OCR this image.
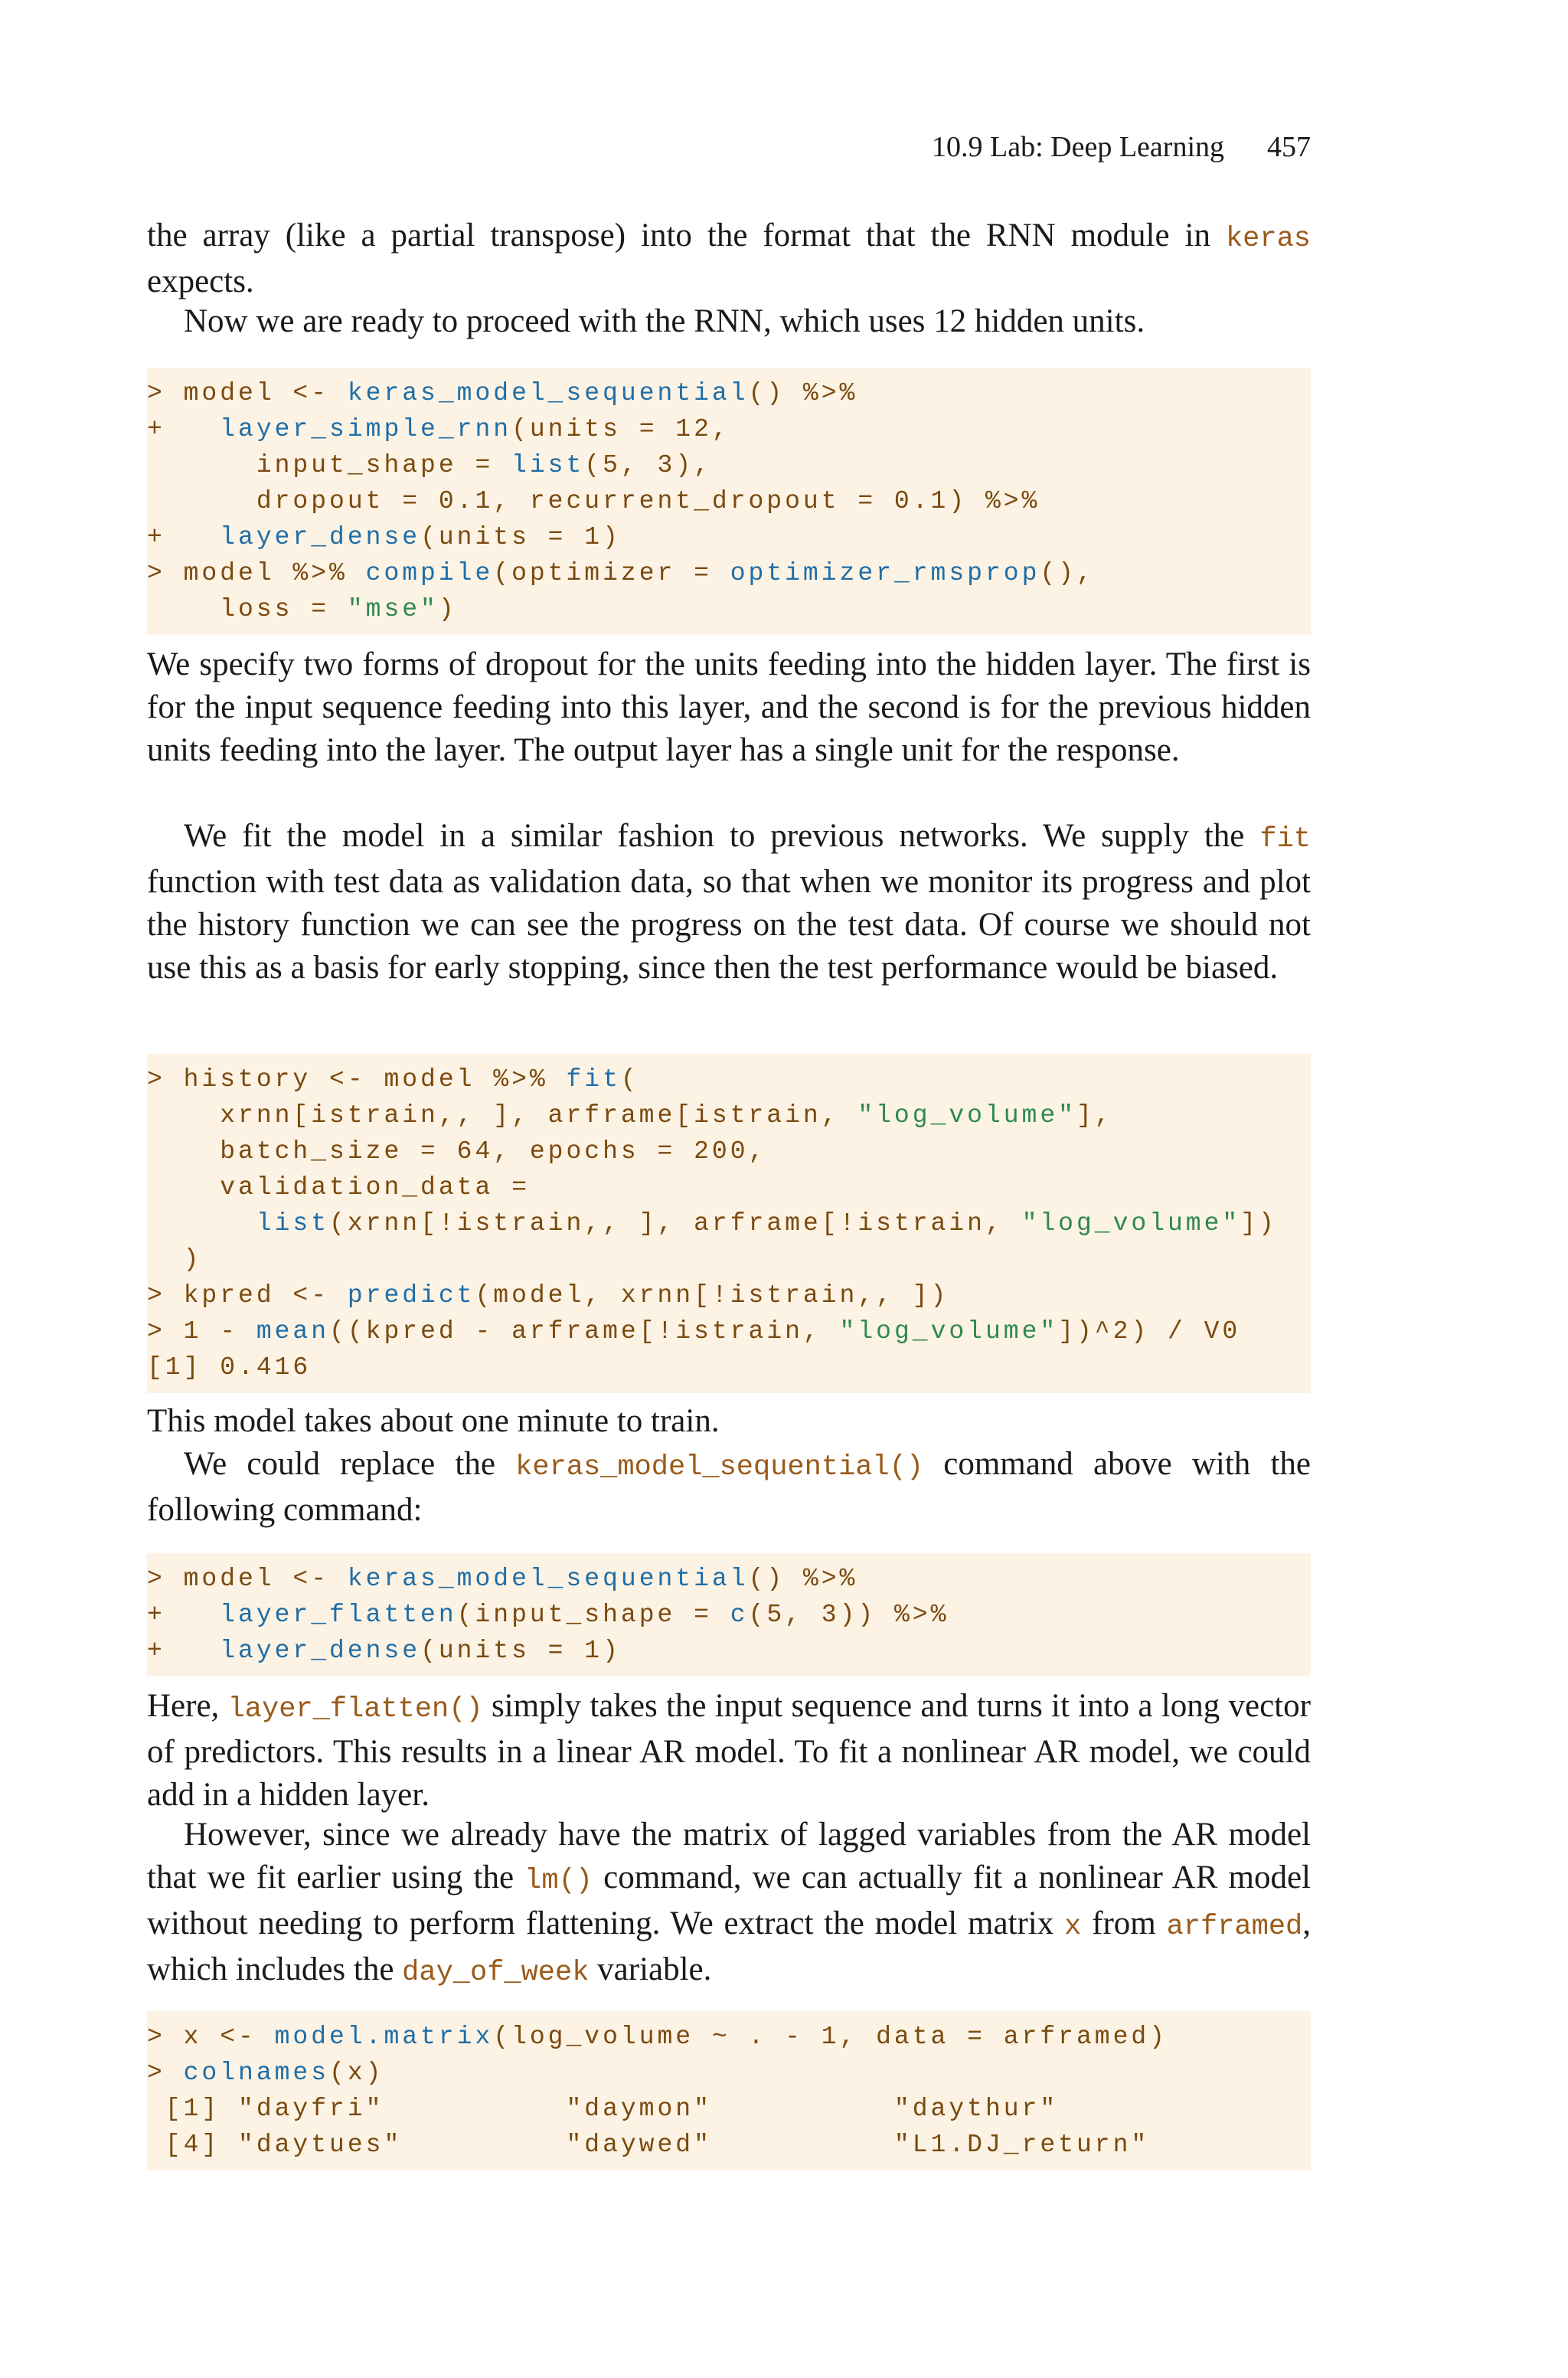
10.9 Lab: Deep Learning 457

the array (like a partial transpose) into the format that the RNN module in keras expects.

Now we are ready to proceed with the RNN, which uses 12 hidden units.

> model <- keras_model_sequential() %>%
+   layer_simple_rnn(units = 12,
input_shape = list(5, 3),
dropout = 0.1, recurrent_dropout = 0.1) %>%
+   layer_dense(units = 1)
> model %>% compile(optimizer = optimizer_rmsprop(),
loss = "mse")

We specify two forms of dropout for the units feeding into the hidden layer. The first is for the input sequence feeding into this layer, and the second is for the previous hidden units feeding into the layer. The output layer has a single unit for the response.

We fit the model in a similar fashion to previous networks. We supply the fit function with test data as validation data, so that when we monitor its progress and plot the history function we can see the progress on the test data. Of course we should not use this as a basis for early stopping, since then the test performance would be biased.

> history <- model %>% fit(
xrnn[istrain,, ], arframe[istrain, "log_volume"],
batch_size = 64, epochs = 200,
validation_data =
list(xrnn[!istrain,, ], arframe[!istrain, "log_volume"])
)
> kpred <- predict(model, xrnn[!istrain,, ])
> 1 - mean((kpred - arframe[!istrain, "log_volume"])^2) / V0
[1] 0.416

This model takes about one minute to train.

We could replace the keras_model_sequential() command above with the following command:

> model <- keras_model_sequential() %>%
+   layer_flatten(input_shape = c(5, 3)) %>%
+   layer_dense(units = 1)

Here, layer_flatten() simply takes the input sequence and turns it into a long vector of predictors. This results in a linear AR model. To fit a nonlinear AR model, we could add in a hidden layer.

However, since we already have the matrix of lagged variables from the AR model that we fit earlier using the lm() command, we can actually fit a nonlinear AR model without needing to perform flattening. We extract the model matrix x from arframed, which includes the day_of_week variable.

> x <- model.matrix(log_volume ~ . - 1, data = arframed)
> colnames(x)
[1] "dayfri"          "daymon"          "daythur"
[4] "daytues"         "daywed"          "L1.DJ_return"
